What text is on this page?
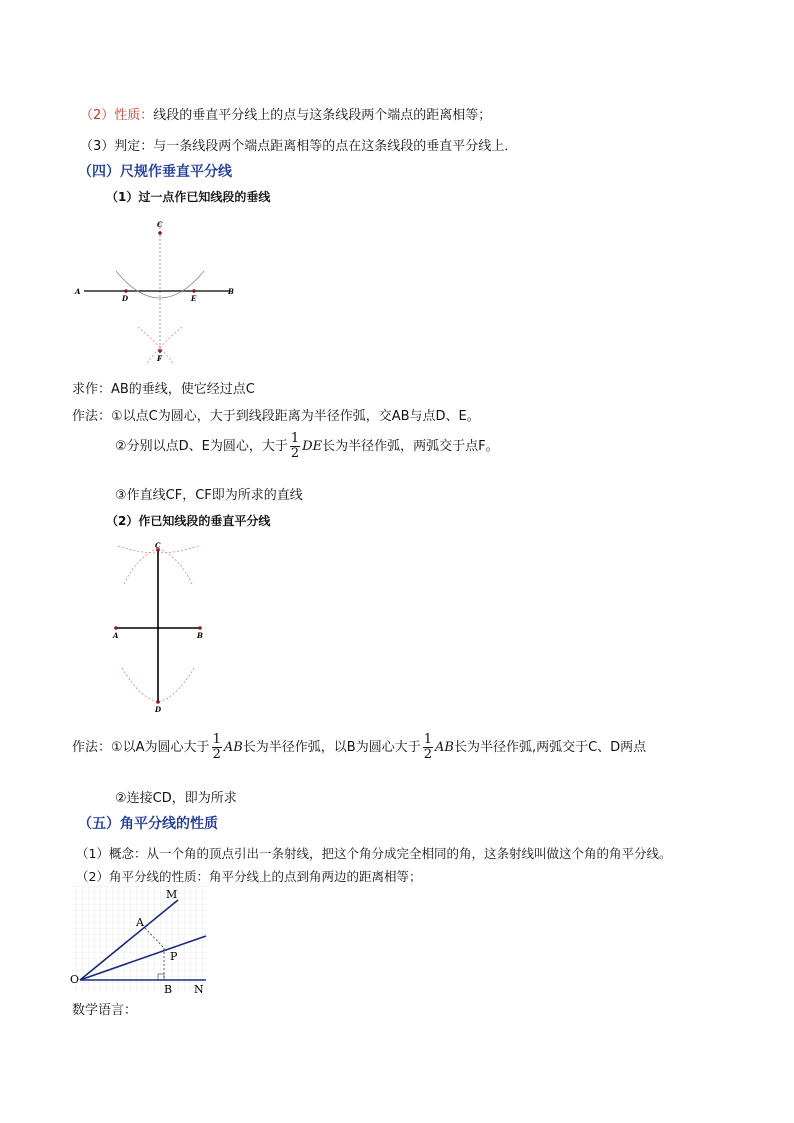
（2）性质：线段的垂直平分线上的点与这条线段两个端点的距离相等；
（3）判定：与一条线段两个端点距离相等的点在这条线段的垂直平分线上．
（四）尺规作垂直平分线
（1）过一点作已知线段的垂线
C
A
D	E
B
F
求作：AB的垂线，使它经过点C
作法：①以点C为圆心，大于到线段距离为半径作弧，交AB与点D、E。
②分别以点D、E为圆心，大于 $\frac{1}{2}$ DE长为半径作弧，两弧交于点F。
③作直线CF，CF即为所求的直线
（2）作已知线段的垂直平分线
C
A	B
D
作法：①以A为圆心大于 $\frac{1}{2}$ AB长为半径作弧，以B为圆心大于 $\frac{1}{2}$ AB长为半径作弧,两弧交于C、D两点
②连接CD，即为所求
（五）角平分线的性质
（1）概念：从一个角的顶点引出一条射线，把这个角分成完全相同的角，这条射线叫做这个角的角平分线。
（2）角平分线的性质：角平分线上的点到角两边的距离相等；
M
A
P
O
B N
数学语言：
